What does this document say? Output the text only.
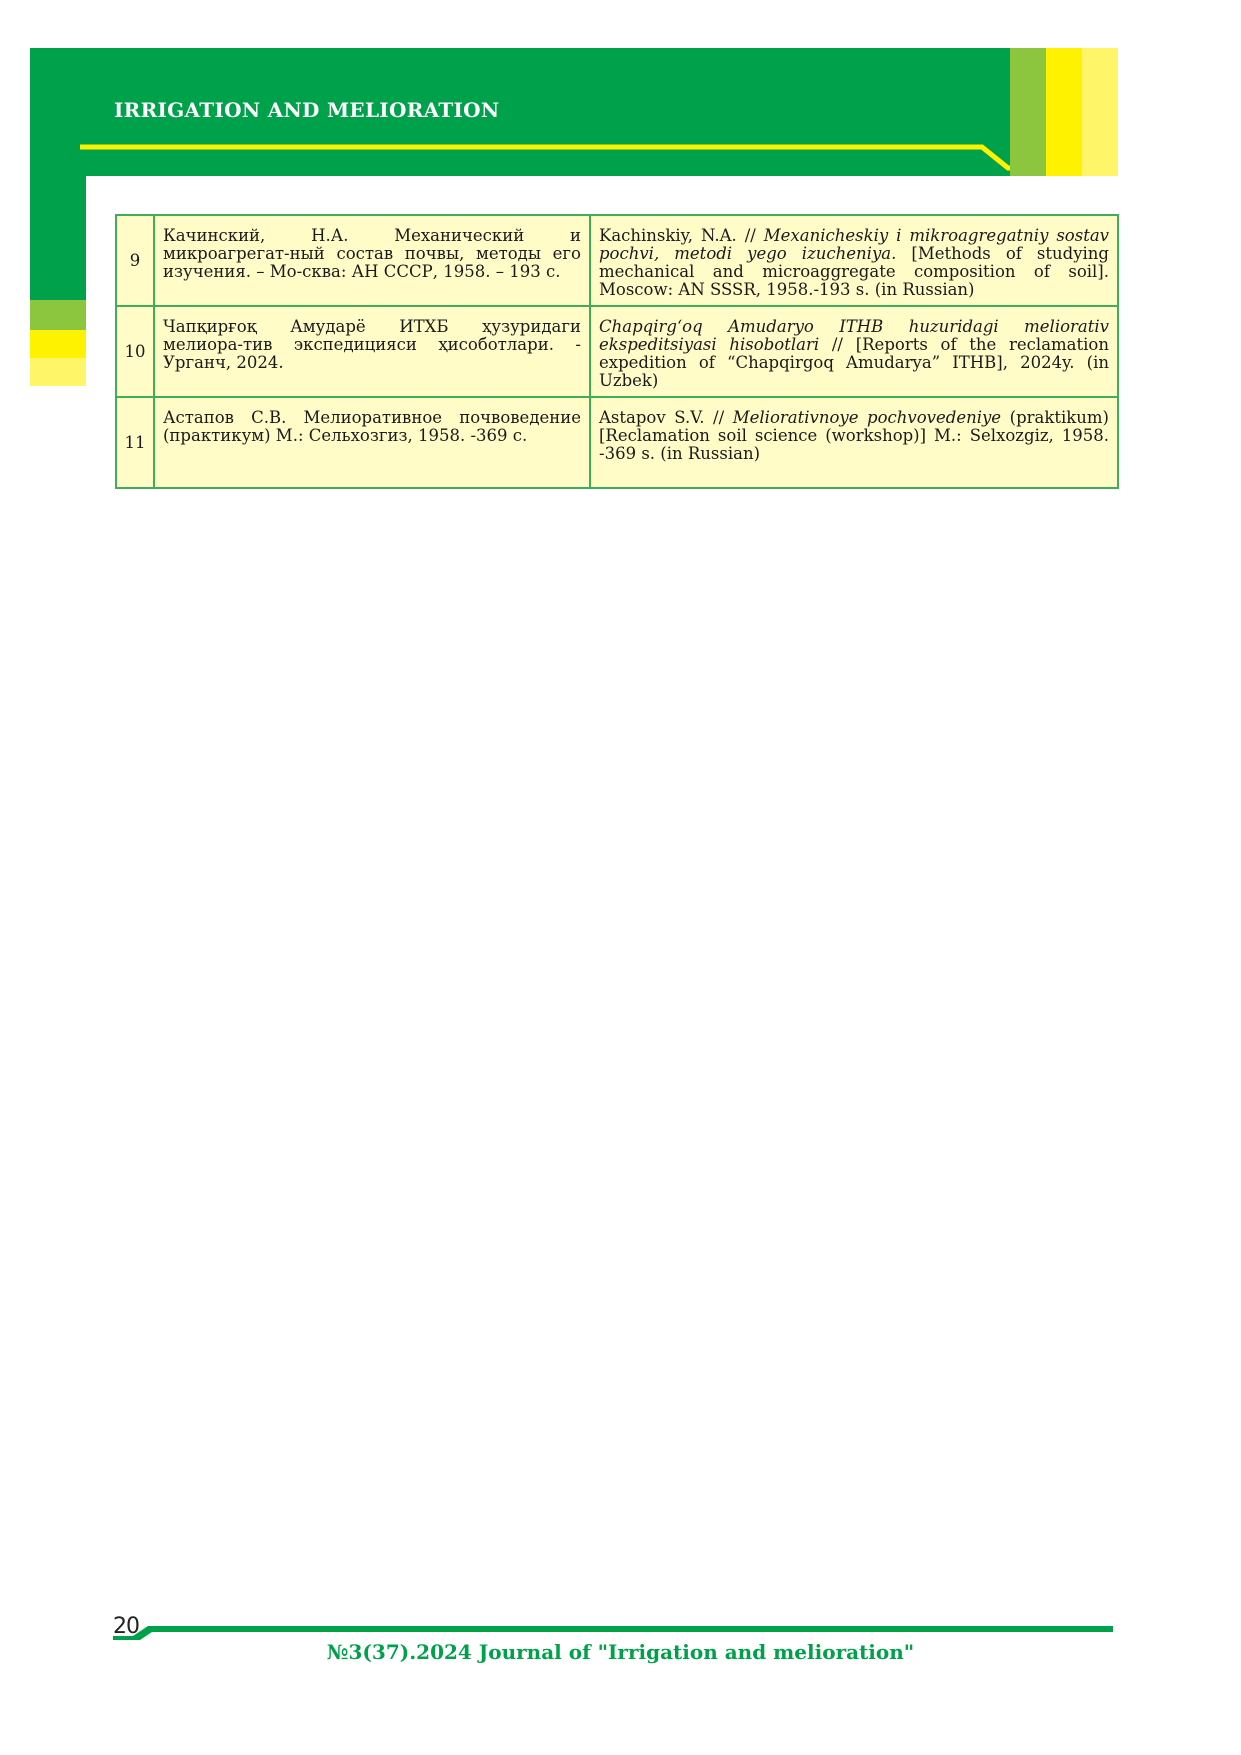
IRRIGATION AND MELIORATION
9	Качинский, Н.А. Механический и микроагрегат-ный состав почвы, методы его изучения. – Мо-сква: АН СССР, 1958. – 193 с.	Kachinskiy, N.A. // Mexanicheskiy i mikroagregatniy sostav pochvi, metodi yego izucheniya. [Methods of studying mechanical and microaggregate composition of soil]. Moscow: AN SSSR, 1958.-193 s. (in Russian)
10	Чапқирғоқ Амударё ИТХБ ҳузуридаги мелиора-тив экспедицияси ҳисоботлари. - Урганч, 2024.	Chapqirg‘oq Amudaryo ITHB huzuridagi meliorativ ekspeditsiyasi hisobotlari // [Reports of the reclamation expedition of “Chapqirgoq Amudarya” ITHB], 2024y. (in Uzbek)
11	Астапов С.В. Мелиоративное почвоведение (практикум) М.: Сельхозгиз, 1958. -369 с.	Astapov S.V. // Meliorativnoye pochvovedeniye (praktikum) [Reclamation soil science (workshop)] M.: Selxozgiz, 1958. -369 s. (in Russian)
20
№3(37).2024 Journal of "Irrigation and melioration"
